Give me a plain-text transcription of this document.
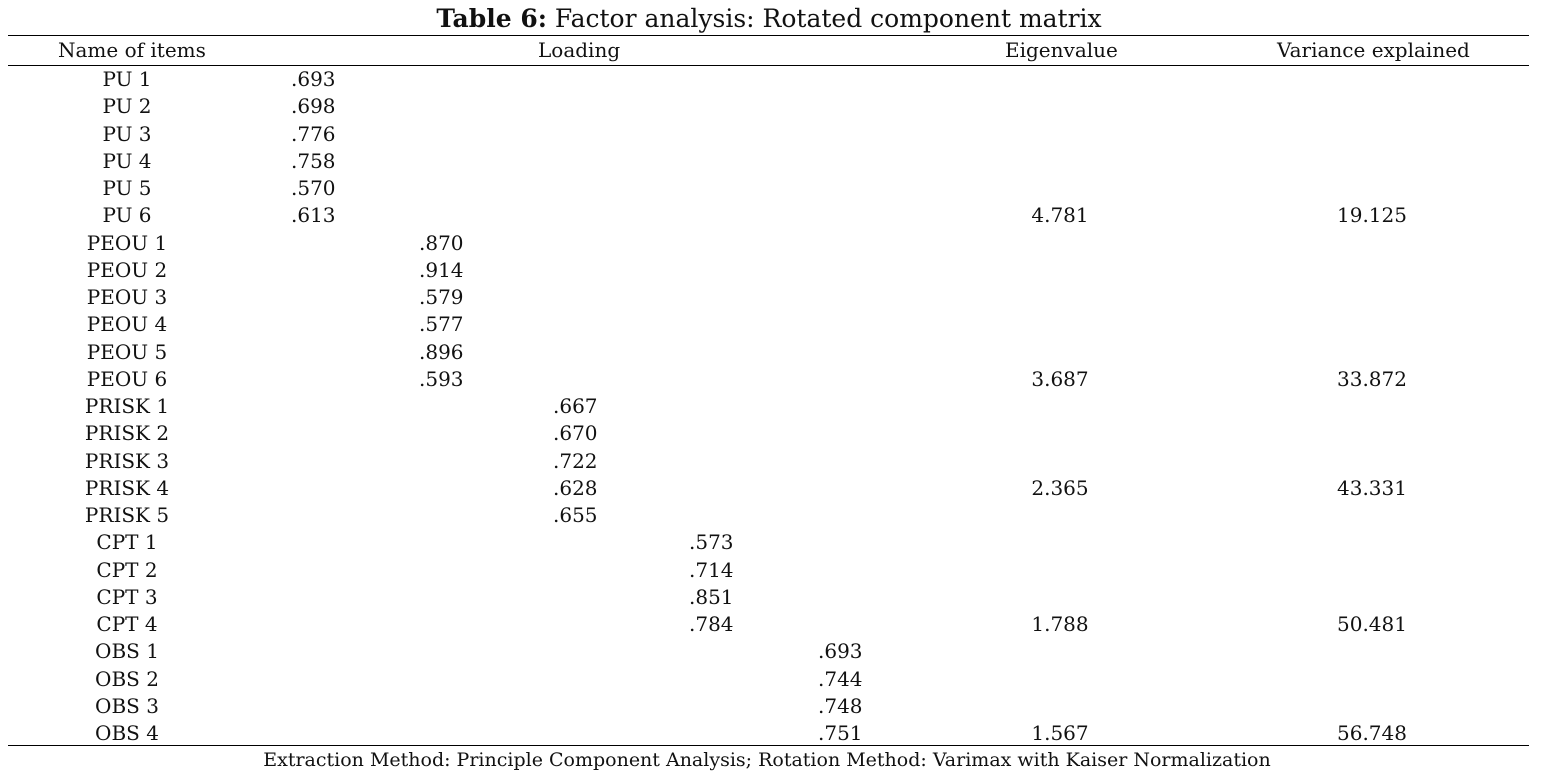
Table 6: Factor analysis: Rotated component matrix
Name of items	Loading	Eigenvalue	Variance explained
PU 1	.693
PU 2	.698
PU 3	.776
PU 4	.758
PU 5	.570
PU 6	.613	4.781	19.125
PEOU 1	.870
PEOU 2	.914
PEOU 3	.579
PEOU 4	.577
PEOU 5	.896
PEOU 6	.593	3.687	33.872
PRISK 1	.667
PRISK 2	.670
PRISK 3	.722
PRISK 4	.628	2.365	43.331
PRISK 5	.655
CPT 1	.573
CPT 2	.714
CPT 3	.851
CPT 4	.784	1.788	50.481
OBS 1	.693
OBS 2	.744
OBS 3	.748
OBS 4	.751	1.567	56.748
Extraction Method: Principle Component Analysis; Rotation Method: Varimax with Kaiser Normalization
